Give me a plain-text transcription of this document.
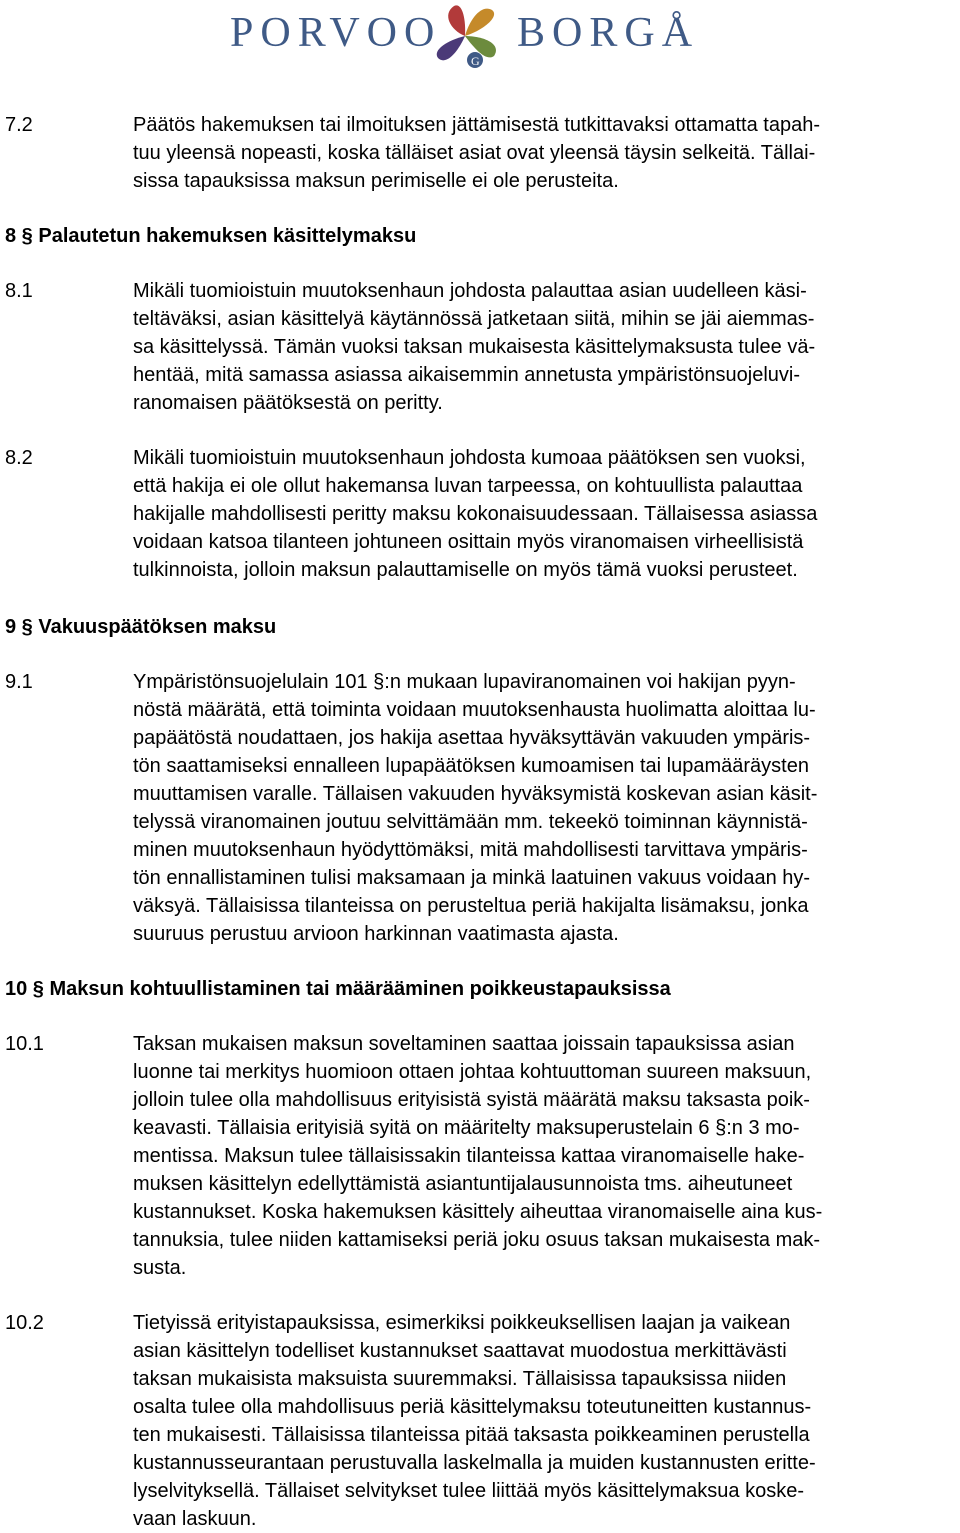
PORVOO
G
BORGÅ
7.2	Päätös hakemuksen tai ilmoituksen jättämisestä tutkittavaksi ottamatta tapah-
tuu yleensä nopeasti, koska tälläiset asiat ovat yleensä täysin selkeitä. Tällai-
sissa tapauksissa maksun perimiselle ei ole perusteita.
8 § Palautetun hakemuksen käsittelymaksu
8.1	Mikäli tuomioistuin muutoksenhaun johdosta palauttaa asian uudelleen käsi-
teltäväksi, asian käsittelyä käytännössä jatketaan siitä, mihin se jäi aiemmas-
sa käsittelyssä. Tämän vuoksi taksan mukaisesta käsittelymaksusta tulee vä-
hentää, mitä samassa asiassa aikaisemmin annetusta ympäristönsuojeluvi-
ranomaisen päätöksestä on peritty.
8.2	Mikäli tuomioistuin muutoksenhaun johdosta kumoaa päätöksen sen vuoksi,
että hakija ei ole ollut hakemansa luvan tarpeessa, on kohtuullista palauttaa
hakijalle mahdollisesti peritty maksu kokonaisuudessaan. Tällaisessa asiassa
voidaan katsoa tilanteen johtuneen osittain myös viranomaisen virheellisistä
tulkinnoista, jolloin maksun palauttamiselle on myös tämä vuoksi perusteet.
9 § Vakuuspäätöksen maksu
9.1	Ympäristönsuojelulain 101 §:n mukaan lupaviranomainen voi hakijan pyyn-
nöstä määrätä, että toiminta voidaan muutoksenhausta huolimatta aloittaa lu-
papäätöstä noudattaen, jos hakija asettaa hyväksyttävän vakuuden ympäris-
tön saattamiseksi ennalleen lupapäätöksen kumoamisen tai lupamääräysten
muuttamisen varalle. Tällaisen vakuuden hyväksymistä koskevan asian käsit-
telyssä viranomainen joutuu selvittämään mm. tekeekö toiminnan käynnistä-
minen muutoksenhaun hyödyttömäksi, mitä mahdollisesti tarvittava ympäris-
tön ennallistaminen tulisi maksamaan ja minkä laatuinen vakuus voidaan hy-
väksyä. Tällaisissa tilanteissa on perusteltua periä hakijalta lisämaksu, jonka
suuruus perustuu arvioon harkinnan vaatimasta ajasta.
10 § Maksun kohtuullistaminen tai määrääminen poikkeustapauksissa
10.1	Taksan mukaisen maksun soveltaminen saattaa joissain tapauksissa asian
luonne tai merkitys huomioon ottaen johtaa kohtuuttoman suureen maksuun,
jolloin tulee olla mahdollisuus erityisistä syistä määrätä maksu taksasta poik-
keavasti. Tällaisia erityisiä syitä on määritelty maksuperustelain 6 §:n 3 mo-
mentissa. Maksun tulee tällaisissakin tilanteissa kattaa viranomaiselle hake-
muksen käsittelyn edellyttämistä asiantuntijalausunnoista tms. aiheutuneet
kustannukset. Koska hakemuksen käsittely aiheuttaa viranomaiselle aina kus-
tannuksia, tulee niiden kattamiseksi periä joku osuus taksan mukaisesta mak-
susta.
10.2	Tietyissä erityistapauksissa, esimerkiksi poikkeuksellisen laajan ja vaikean
asian käsittelyn todelliset kustannukset saattavat muodostua merkittävästi
taksan mukaisista maksuista suuremmaksi. Tällaisissa tapauksissa niiden
osalta tulee olla mahdollisuus periä käsittelymaksu toteutuneitten kustannus-
ten mukaisesti. Tällaisissa tilanteissa pitää taksasta poikkeaminen perustella
kustannusseurantaan perustuvalla laskelmalla ja muiden kustannusten eritte-
lyselvityksellä. Tällaiset selvitykset tulee liittää myös käsittelymaksua koske-
vaan laskuun.
